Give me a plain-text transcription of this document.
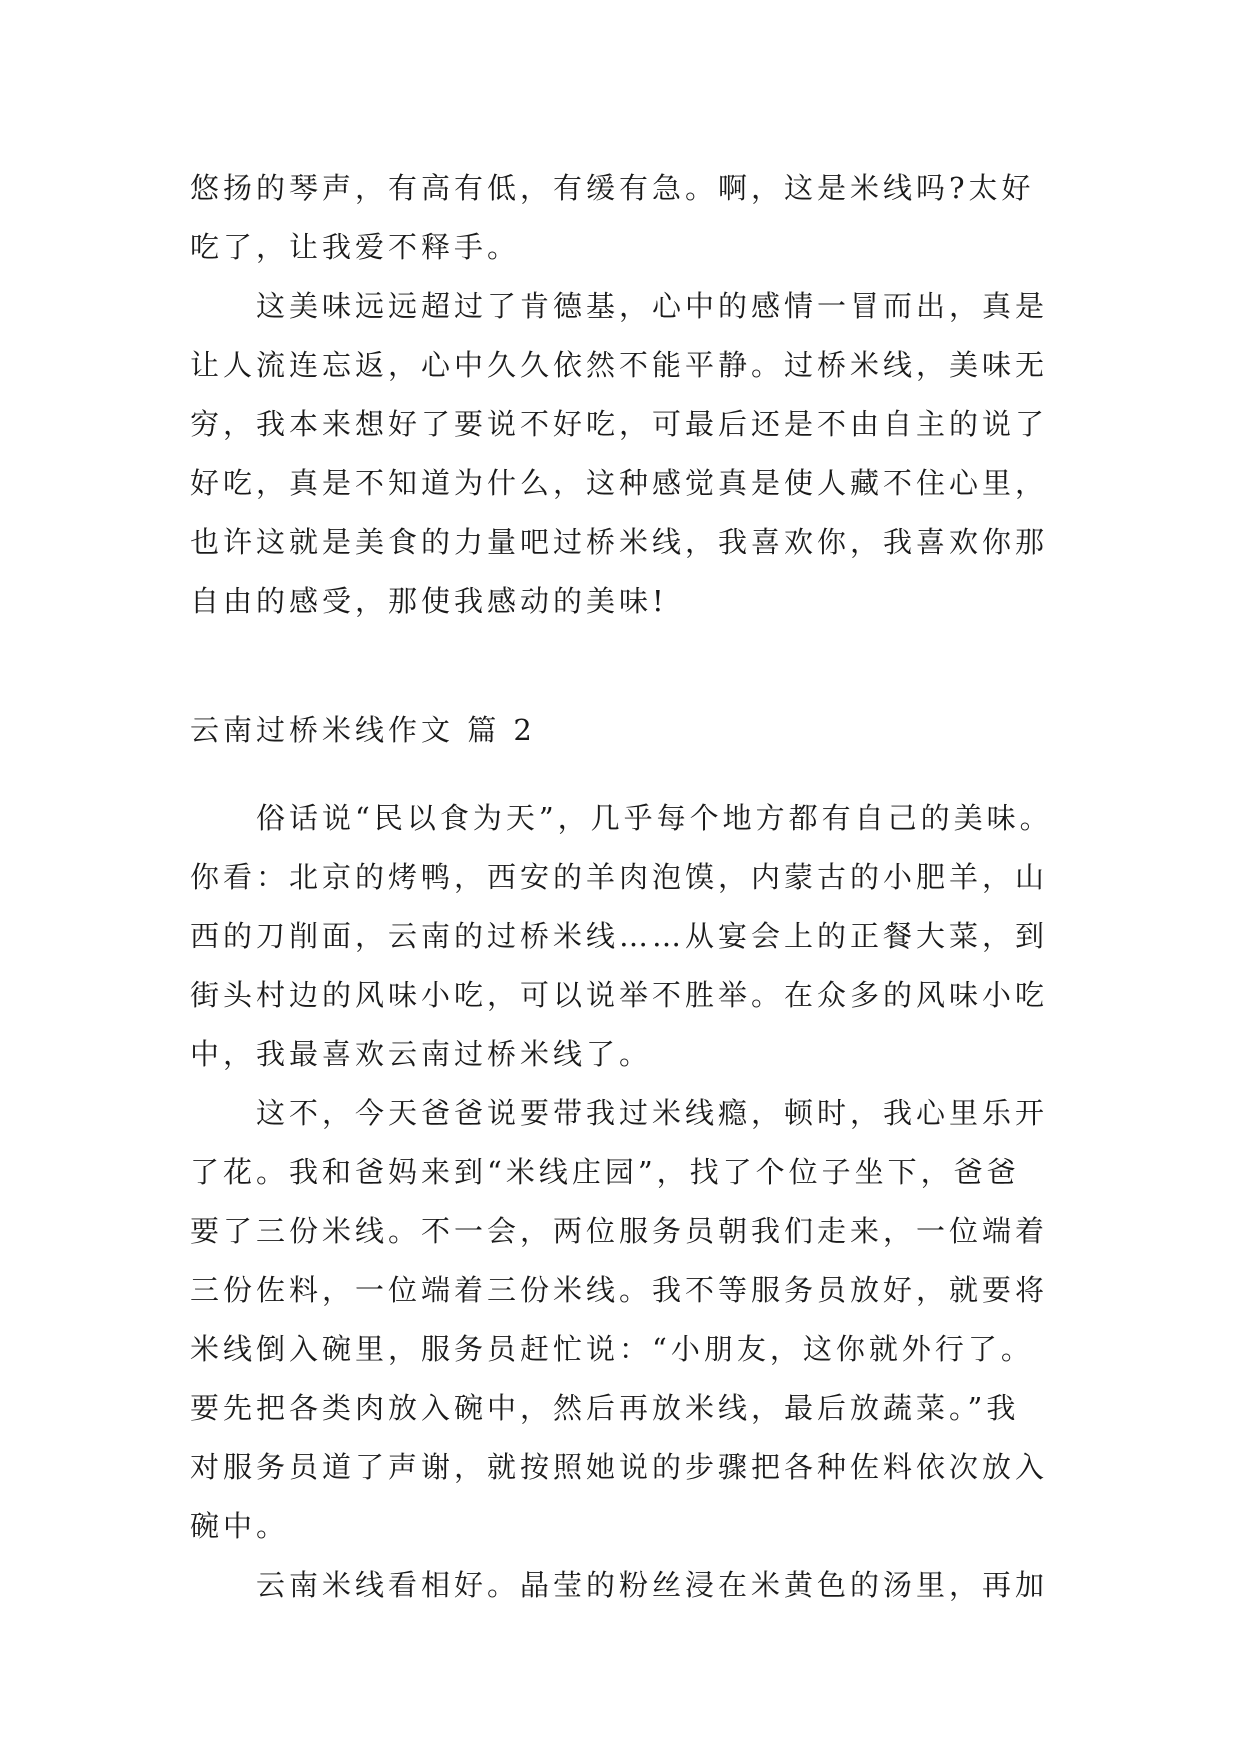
悠扬的琴声，有高有低，有缓有急。啊，这是米线吗?太好
吃了，让我爱不释手。

这美味远远超过了肯德基，心中的感情一冒而出，真是
让人流连忘返，心中久久依然不能平静。过桥米线，美味无
穷，我本来想好了要说不好吃，可最后还是不由自主的说了
好吃，真是不知道为什么，这种感觉真是使人藏不住心里，
也许这就是美食的力量吧过桥米线，我喜欢你，我喜欢你那
自由的感受，那使我感动的美味!

云南过桥米线作文 篇 2

俗话说“民以食为天”，几乎每个地方都有自己的美味。
你看：北京的烤鸭，西安的羊肉泡馍，内蒙古的小肥羊，山
西的刀削面，云南的过桥米线……从宴会上的正餐大菜，到
街头村边的风味小吃，可以说举不胜举。在众多的风味小吃
中，我最喜欢云南过桥米线了。

这不，今天爸爸说要带我过米线瘾，顿时，我心里乐开
了花。我和爸妈来到“米线庄园”，找了个位子坐下，爸爸
要了三份米线。不一会，两位服务员朝我们走来，一位端着
三份佐料，一位端着三份米线。我不等服务员放好，就要将
米线倒入碗里，服务员赶忙说：“小朋友，这你就外行了。
要先把各类肉放入碗中，然后再放米线，最后放蔬菜。”我
对服务员道了声谢，就按照她说的步骤把各种佐料依次放入
碗中。

云南米线看相好。晶莹的粉丝浸在米黄色的汤里，再加
